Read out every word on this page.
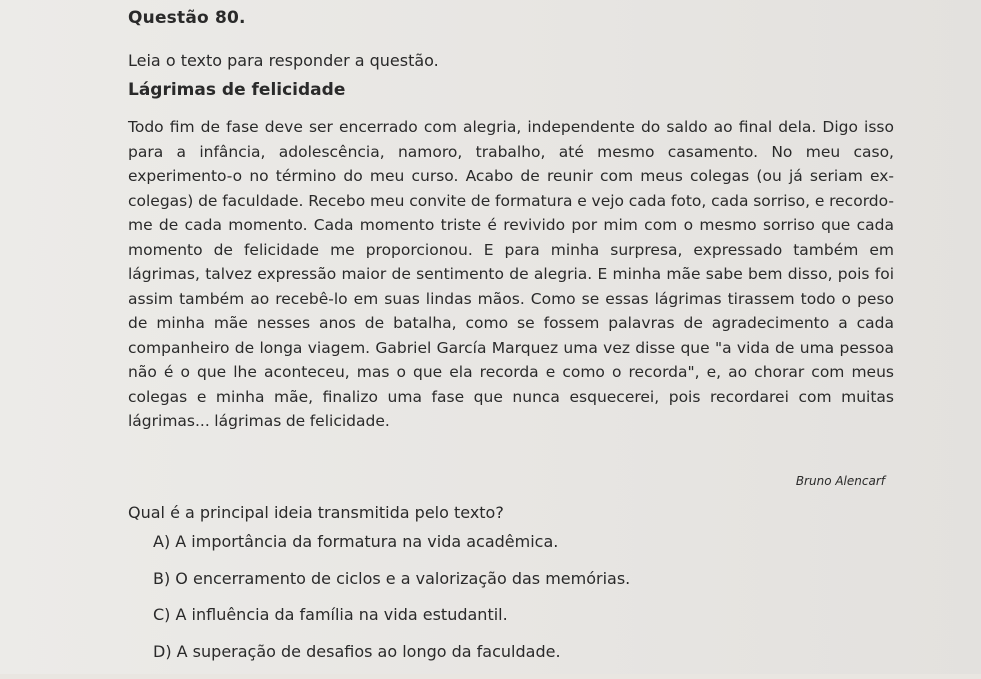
Questão 80.
Leia o texto para responder a questão.
Lágrimas de felicidade

Todo fim de fase deve ser encerrado com alegria, independente do saldo ao final dela. Digo isso para a infância, adolescência, namoro, trabalho, até mesmo casamento. No meu caso, experimento-o no término do meu curso. Acabo de reunir com meus colegas (ou já seriam ex-colegas) de faculdade. Recebo meu convite de formatura e vejo cada foto, cada sorriso, e recordo-me de cada momento. Cada momento triste é revivido por mim com o mesmo sorriso que cada momento de felicidade me proporcionou. E para minha surpresa, expressado também em lágrimas, talvez expressão maior de sentimento de alegria. E minha mãe sabe bem disso, pois foi assim também ao recebê-lo em suas lindas mãos. Como se essas lágrimas tirassem todo o peso de minha mãe nesses anos de batalha, como se fossem palavras de agradecimento a cada companheiro de longa viagem. Gabriel García Marquez uma vez disse que "a vida de uma pessoa não é o que lhe aconteceu, mas o que ela recorda e como o recorda", e, ao chorar com meus colegas e minha mãe, finalizo uma fase que nunca esquecerei, pois recordarei com muitas lágrimas... lágrimas de felicidade.

Bruno Alencarf
Qual é a principal ideia transmitida pelo texto?
A) A importância da formatura na vida acadêmica.
B) O encerramento de ciclos e a valorização das memórias.
C) A influência da família na vida estudantil.
D) A superação de desafios ao longo da faculdade.
